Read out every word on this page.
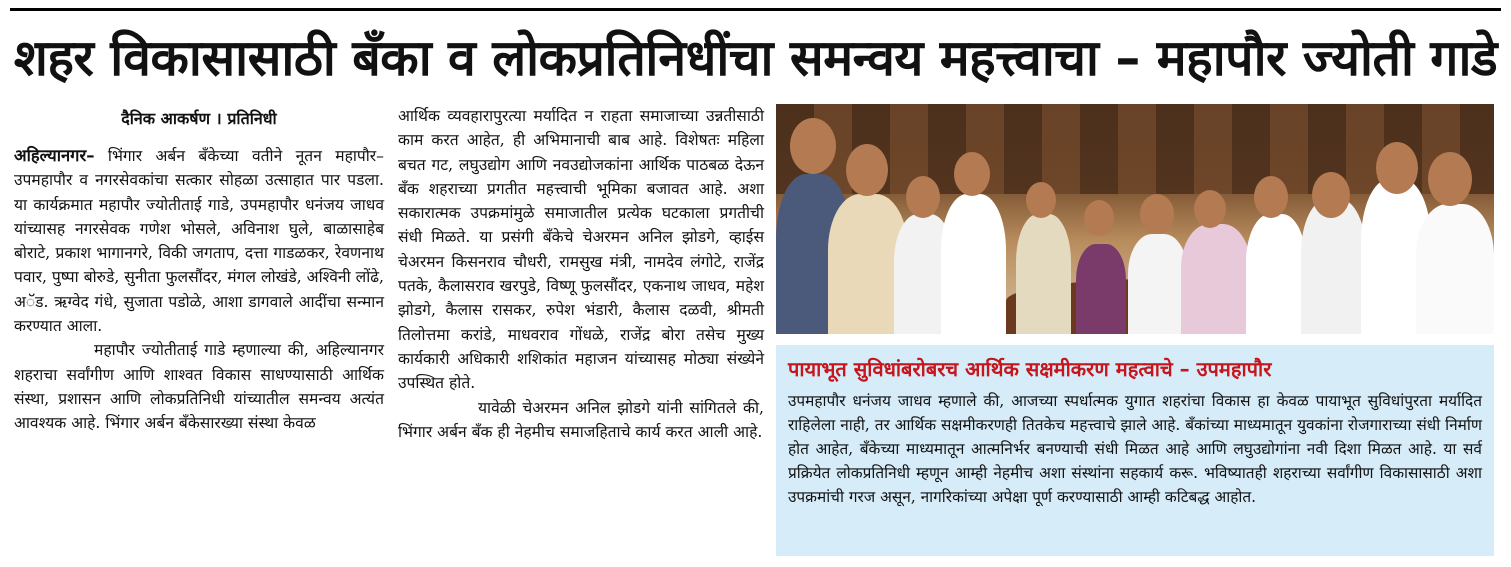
शहर विकासासाठी बँका व लोकप्रतिनिधींचा समन्वय महत्त्वाचा – महापौर ज्योती गाडे
दैनिक आकर्षण । प्रतिनिधी

अहिल्यानगर– भिंगार अर्बन बँकेच्या वतीने नूतन महापौर–उपमहापौर व नगरसेवकांचा सत्कार सोहळा उत्साहात पार पडला. या कार्यक्रमात महापौर ज्योतीताई गाडे, उपमहापौर धनंजय जाधव यांच्यासह नगरसेवक गणेश भोसले, अविनाश घुले, बाळासाहेब बोराटे, प्रकाश भागानगरे, विकी जगताप, दत्ता गाडळकर, रेवणनाथ पवार, पुष्पा बोरुडे, सुनीता फुलसौंदर, मंगल लोखंडे, अश्विनी लोंढे, अॅड. ऋग्वेद गंधे, सुजाता पडोळे, आशा डागवाले आदींचा सन्मान करण्यात आला.

महापौर ज्योतीताई गाडे म्हणाल्या की, अहिल्यानगर शहराचा सर्वांगीण आणि शाश्वत विकास साधण्यासाठी आर्थिक संस्था, प्रशासन आणि लोकप्रतिनिधी यांच्यातील समन्वय अत्यंत आवश्यक आहे. भिंगार अर्बन बँकेसारख्या संस्था केवळ

आर्थिक व्यवहारापुरत्या मर्यादित न राहता समाजाच्या उन्नतीसाठी काम करत आहेत, ही अभिमानाची बाब आहे. विशेषतः महिला बचत गट, लघुउद्योग आणि नवउद्योजकांना आर्थिक पाठबळ देऊन बँक शहराच्या प्रगतीत महत्त्वाची भूमिका बजावत आहे. अशा सकारात्मक उपक्रमांमुळे समाजातील प्रत्येक घटकाला प्रगतीची संधी मिळते. या प्रसंगी बँकेचे चेअरमन अनिल झोडगे, व्हाईस चेअरमन किसनराव चौधरी, रामसुख मंत्री, नामदेव लंगोटे, राजेंद्र पतके, कैलासराव खरपुडे, विष्णू फुलसौंदर, एकनाथ जाधव, महेश झोडगे, कैलास रासकर, रुपेश भंडारी, कैलास दळवी, श्रीमती तिलोत्तमा करांडे, माधवराव गोंधळे, राजेंद्र बोरा तसेच मुख्य कार्यकारी अधिकारी शशिकांत महाजन यांच्यासह मोठ्या संख्येने उपस्थित होते.

यावेळी चेअरमन अनिल झोडगे यांनी सांगितले की, भिंगार अर्बन बँक ही नेहमीच समाजहिताचे कार्य करत आली आहे.

पायाभूत सुविधांबरोबरच आर्थिक सक्षमीकरण महत्वाचे – उपमहापौर

उपमहापौर धनंजय जाधव म्हणाले की, आजच्या स्पर्धात्मक युगात शहरांचा विकास हा केवळ पायाभूत सुविधांपुरता मर्यादित राहिलेला नाही, तर आर्थिक सक्षमीकरणही तितकेच महत्त्वाचे झाले आहे. बँकांच्या माध्यमातून युवकांना रोजगाराच्या संधी निर्माण होत आहेत, बँकेच्या माध्यमातून आत्मनिर्भर बनण्याची संधी मिळत आहे आणि लघुउद्योगांना नवी दिशा मिळत आहे. या सर्व प्रक्रियेत लोकप्रतिनिधी म्हणून आम्ही नेहमीच अशा संस्थांना सहकार्य करू. भविष्यातही शहराच्या सर्वांगीण विकासासाठी अशा उपक्रमांची गरज असून, नागरिकांच्या अपेक्षा पूर्ण करण्यासाठी आम्ही कटिबद्ध आहोत.
